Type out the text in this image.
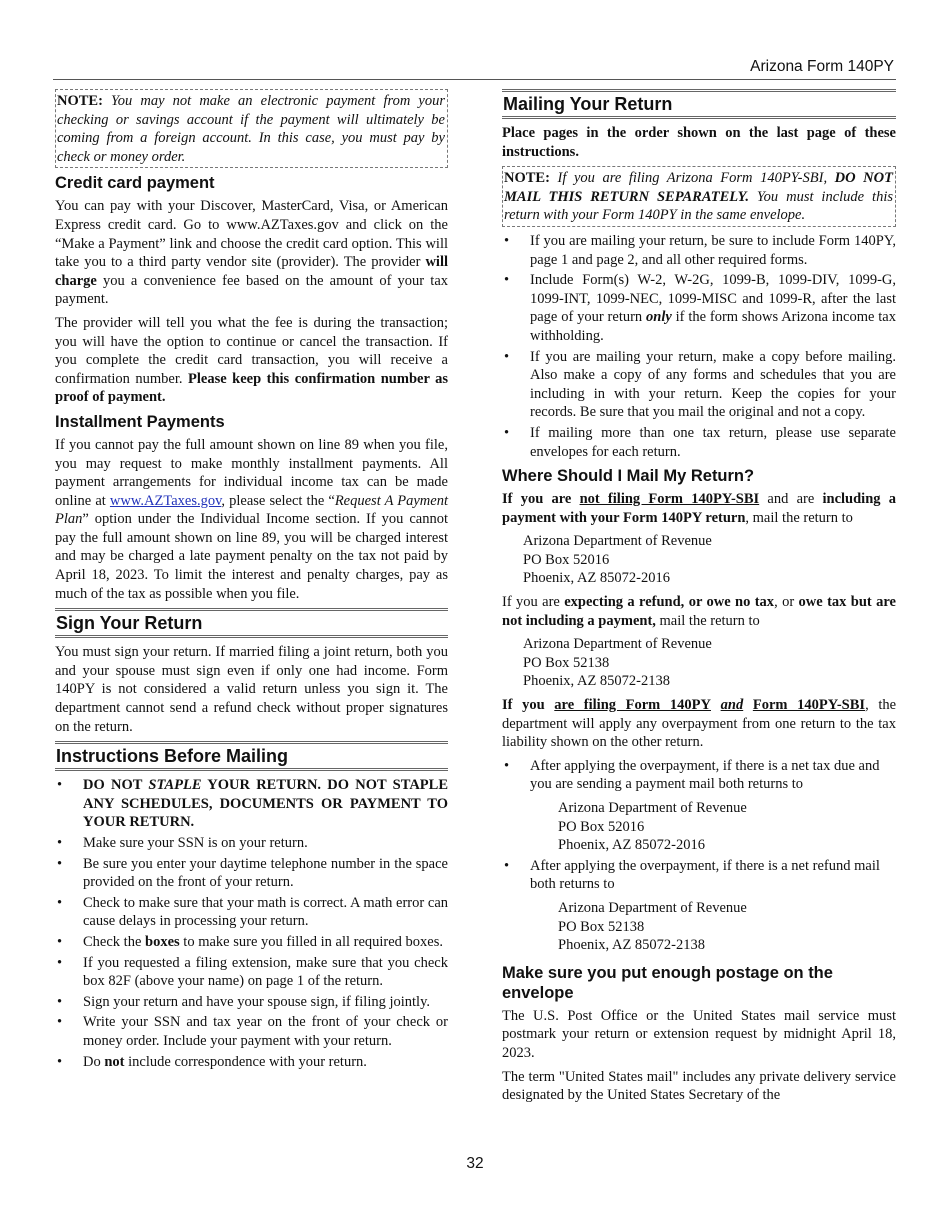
Arizona Form 140PY
NOTE: You may not make an electronic payment from your checking or savings account if the payment will ultimately be coming from a foreign account. In this case, you must pay by check or money order.
Credit card payment

You can pay with your Discover, MasterCard, Visa, or American Express credit card. Go to www.AZTaxes.gov and click on the “Make a Payment” link and choose the credit card option. This will take you to a third party vendor site (provider). The provider will charge you a convenience fee based on the amount of your tax payment.

The provider will tell you what the fee is during the transaction; you will have the option to continue or cancel the transaction. If you complete the credit card transaction, you will receive a confirmation number. Please keep this confirmation number as proof of payment.

Installment Payments

If you cannot pay the full amount shown on line 89 when you file, you may request to make monthly installment payments. All payment arrangements for individual income tax can be made online at www.AZTaxes.gov, please select the “Request A Payment Plan” option under the Individual Income section. If you cannot pay the full amount shown on line 89, you will be charged interest and may be charged a late payment penalty on the tax not paid by April 18, 2023. To limit the interest and penalty charges, pay as much of the tax as possible when you file.

Sign Your Return

You must sign your return. If married filing a joint return, both you and your spouse must sign even if only one had income. Form 140PY is not considered a valid return unless you sign it. The department cannot send a refund check without proper signatures on the return.

Instructions Before Mailing
• DO NOT STAPLE YOUR RETURN. DO NOT STAPLE ANY SCHEDULES, DOCUMENTS OR PAYMENT TO YOUR RETURN.
• Make sure your SSN is on your return.
• Be sure you enter your daytime telephone number in the space provided on the front of your return.
• Check to make sure that your math is correct. A math error can cause delays in processing your return.
• Check the boxes to make sure you filled in all required boxes.
• If you requested a filing extension, make sure that you check box 82F (above your name) on page 1 of the return.
• Sign your return and have your spouse sign, if filing jointly.
• Write your SSN and tax year on the front of your check or money order. Include your payment with your return.
• Do not include correspondence with your return.
Mailing Your Return

Place pages in the order shown on the last page of these instructions.

NOTE: If you are filing Arizona Form 140PY-SBI, DO NOT MAIL THIS RETURN SEPARATELY. You must include this return with your Form 140PY in the same envelope.
• If you are mailing your return, be sure to include Form 140PY, page 1 and page 2, and all other required forms.
• Include Form(s) W-2, W-2G, 1099-B, 1099-DIV, 1099-G, 1099-INT, 1099-NEC, 1099-MISC and 1099-R, after the last page of your return only if the form shows Arizona income tax withholding.
• If you are mailing your return, make a copy before mailing. Also make a copy of any forms and schedules that you are including in with your return. Keep the copies for your records. Be sure that you mail the original and not a copy.
• If mailing more than one tax return, please use separate envelopes for each return.
Where Should I Mail My Return?

If you are not filing Form 140PY-SBI and are including a payment with your Form 140PY return, mail the return to

Arizona Department of Revenue
PO Box 52016
Phoenix, AZ 85072-2016

If you are expecting a refund, or owe no tax, or owe tax but are not including a payment, mail the return to

Arizona Department of Revenue
PO Box 52138
Phoenix, AZ 85072-2138

If you are filing Form 140PY and Form 140PY-SBI, the department will apply any overpayment from one return to the tax liability shown on the other return.

• After applying the overpayment, if there is a net tax due and you are sending a payment mail both returns to
Arizona Department of Revenue
PO Box 52016
Phoenix, AZ 85072-2016
• After applying the overpayment, if there is a net refund mail both returns to
Arizona Department of Revenue
PO Box 52138
Phoenix, AZ 85072-2138
Make sure you put enough postage on the envelope

The U.S. Post Office or the United States mail service must postmark your return or extension request by midnight April 18, 2023.

The term "United States mail" includes any private delivery service designated by the United States Secretary of the

32
